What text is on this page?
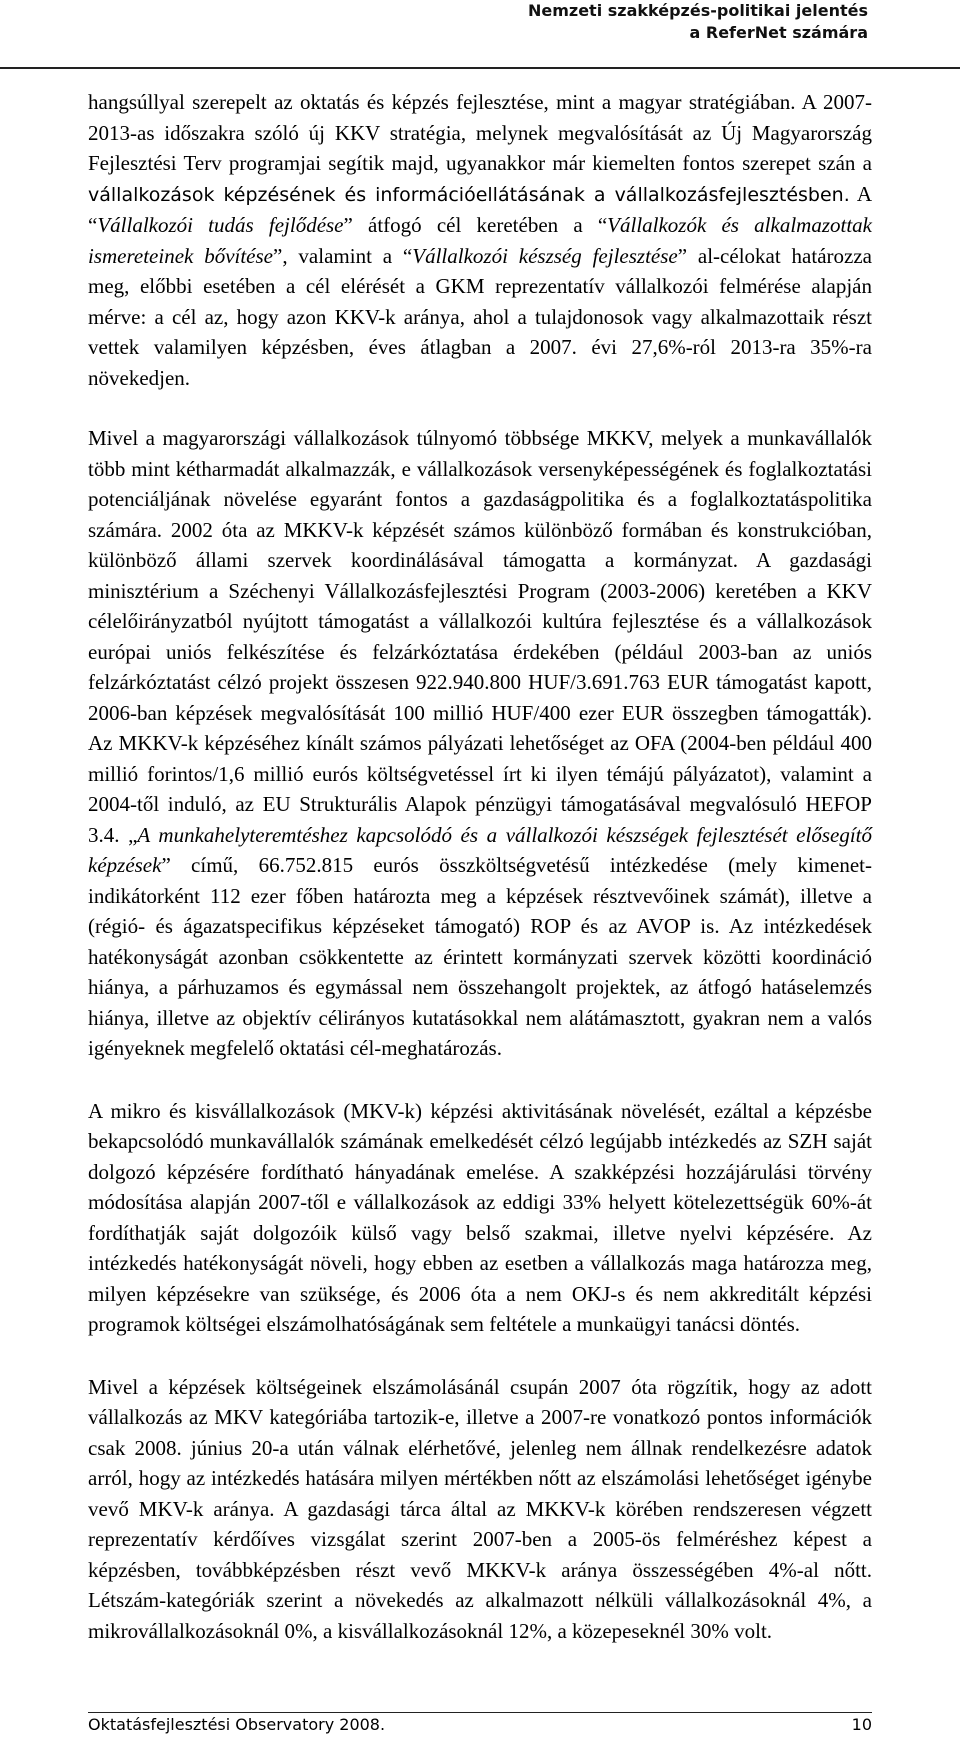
Nemzeti szakképzés-politikai jelentés
a ReferNet számára

hangsúllyal szerepelt az oktatás és képzés fejlesztése, mint a magyar stratégiában. A 2007-2013-as időszakra szóló új KKV stratégia, melynek megvalósítását az Új Magyarország Fejlesztési Terv programjai segítik majd, ugyanakkor már kiemelten fontos szerepet szán a vállalkozások képzésének és információellátásának a vállalkozásfejlesztésben. A “Vállalkozói tudás fejlődése” átfogó cél keretében a “Vállalkozók és alkalmazottak ismereteinek bővítése”, valamint a “Vállalkozói készség fejlesztése” al-célokat határozza meg, előbbi esetében a cél elérését a GKM reprezentatív vállalkozói felmérése alapján mérve: a cél az, hogy azon KKV-k aránya, ahol a tulajdonosok vagy alkalmazottaik részt vettek valamilyen képzésben, éves átlagban a 2007. évi 27,6%-ról 2013-ra 35%-ra növekedjen.

Mivel a magyarországi vállalkozások túlnyomó többsége MKKV, melyek a munkavállalók több mint kétharmadát alkalmazzák, e vállalkozások versenyképességének és foglalkoztatási potenciáljának növelése egyaránt fontos a gazdaságpolitika és a foglalkoztatáspolitika számára. 2002 óta az MKKV-k képzését számos különböző formában és konstrukcióban, különböző állami szervek koordinálásával támogatta a kormányzat. A gazdasági minisztérium a Széchenyi Vállalkozásfejlesztési Program (2003-2006) keretében a KKV célelőirányzatból nyújtott támogatást a vállalkozói kultúra fejlesztése és a vállalkozások európai uniós felkészítése és felzárkóztatása érdekében (például 2003-ban az uniós felzárkóztatást célzó projekt összesen 922.940.800 HUF/3.691.763 EUR támogatást kapott, 2006-ban képzések megvalósítását 100 millió HUF/400 ezer EUR összegben támogatták). Az MKKV-k képzéséhez kínált számos pályázati lehetőséget az OFA (2004-ben például 400 millió forintos/1,6 millió eurós költségvetéssel írt ki ilyen témájú pályázatot), valamint a 2004-től induló, az EU Strukturális Alapok pénzügyi támogatásával megvalósuló HEFOP 3.4. „A munkahelyteremtéshez kapcsolódó és a vállalkozói készségek fejlesztését elősegítő képzések” című, 66.752.815 eurós összköltségvetésű intézkedése (mely kimenet-indikátorként 112 ezer főben határozta meg a képzések résztvevőinek számát), illetve a (régió- és ágazatspecifikus képzéseket támogató) ROP és az AVOP is. Az intézkedések hatékonyságát azonban csökkentette az érintett kormányzati szervek közötti koordináció hiánya, a párhuzamos és egymással nem összehangolt projektek, az átfogó hatáselemzés hiánya, illetve az objektív célirányos kutatásokkal nem alátámasztott, gyakran nem a valós igényeknek megfelelő oktatási cél-meghatározás.

A mikro és kisvállalkozások (MKV-k) képzési aktivitásának növelését, ezáltal a képzésbe bekapcsolódó munkavállalók számának emelkedését célzó legújabb intézkedés az SZH saját dolgozó képzésére fordítható hányadának emelése. A szakképzési hozzájárulási törvény módosítása alapján 2007-től e vállalkozások az eddigi 33% helyett kötelezettségük 60%-át fordíthatják saját dolgozóik külső vagy belső szakmai, illetve nyelvi képzésére. Az intézkedés hatékonyságát növeli, hogy ebben az esetben a vállalkozás maga határozza meg, milyen képzésekre van szüksége, és 2006 óta a nem OKJ-s és nem akkreditált képzési programok költségei elszámolhatóságának sem feltétele a munkaügyi tanácsi döntés.

Mivel a képzések költségeinek elszámolásánál csupán 2007 óta rögzítik, hogy az adott vállalkozás az MKV kategóriába tartozik-e, illetve a 2007-re vonatkozó pontos információk csak 2008. június 20-a után válnak elérhetővé, jelenleg nem állnak rendelkezésre adatok arról, hogy az intézkedés hatására milyen mértékben nőtt az elszámolási lehetőséget igénybe vevő MKV-k aránya. A gazdasági tárca által az MKKV-k körében rendszeresen végzett reprezentatív kérdőíves vizsgálat szerint 2007-ben a 2005-ös felméréshez képest a képzésben, továbbképzésben részt vevő MKKV-k aránya összességében 4%-al nőtt. Létszám-kategóriák szerint a növekedés az alkalmazott nélküli vállalkozásoknál 4%, a mikrovállalkozásoknál 0%, a kisvállalkozásoknál 12%, a közepeseknél 30% volt.

Oktatásfejlesztési Observatory 2008.	10
